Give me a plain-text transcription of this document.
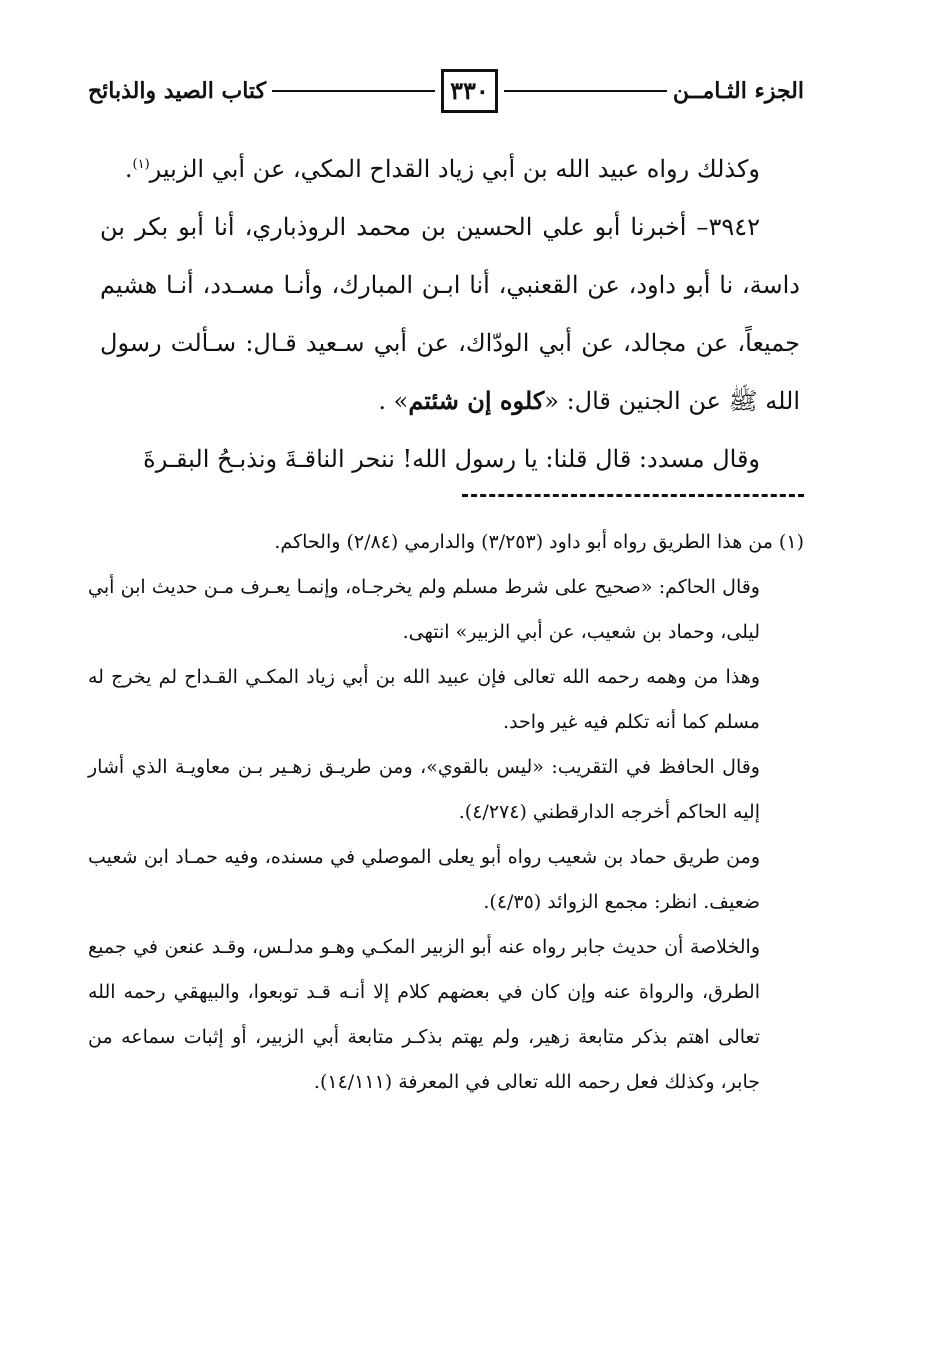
الجزء الثـامــن
٣٣٠
كتاب الصيد والذبائح

وكذلك رواه عبيد الله بن أبي زياد القداح المكي، عن أبي الزبير$^{(١)}$.

٣٩٤٢– أخبرنا أبو علي الحسين بن محمد الروذباري، أنا أبو بكر بن داسة، نا أبو داود، عن القعنبي، أنا ابـن المبارك، وأنـا مسـدد، أنـا هشيم جميعاً، عن مجالد، عن أبي الودّاك، عن أبي سـعيد قـال: سـألت رسول الله ﷺ عن الجنين قال: «كلوه إن شئتم» .

وقال مسدد: قال قلنا: يا رسول الله! ننحر الناقـةَ ونذبـحُ البقـرةَ

(١) من هذا الطريق رواه أبو داود (٣/٢٥٣) والدارمي (٢/٨٤) والحاكم.

وقال الحاكم: «صحيح على شرط مسلم ولم يخرجـاه، وإنمـا يعـرف مـن حديث ابن أبي ليلى، وحماد بن شعيب، عن أبي الزبير» انتهى.

وهذا من وهمه رحمه الله تعالى فإن عبيد الله بن أبي زياد المكـي القـداح لم يخرج له مسلم كما أنه تكلم فيه غير واحد.

وقال الحافظ في التقريب: «ليس بالقوي»، ومن طريـق زهـير بـن معاويـة الذي أشار إليه الحاكم أخرجه الدارقطني (٤/٢٧٤).

ومن طريق حماد بن شعيب رواه أبو يعلى الموصلي في مسنده، وفيه حمـاد ابن شعيب ضعيف. انظر: مجمع الزوائد (٤/٣٥).

والخلاصة أن حديث جابر رواه عنه أبو الزبير المكـي وهـو مدلـس، وقـد عنعن في جميع الطرق، والرواة عنه وإن كان في بعضهم كلام إلا أنـه قـد توبعوا، والبيهقي رحمه الله تعالى اهتم بذكر متابعة زهير، ولم يهتم بذكـر متابعة أبي الزبير، أو إثبات سماعه من جابر، وكذلك فعل رحمه الله تعالى في المعرفة (١٤/١١١).
